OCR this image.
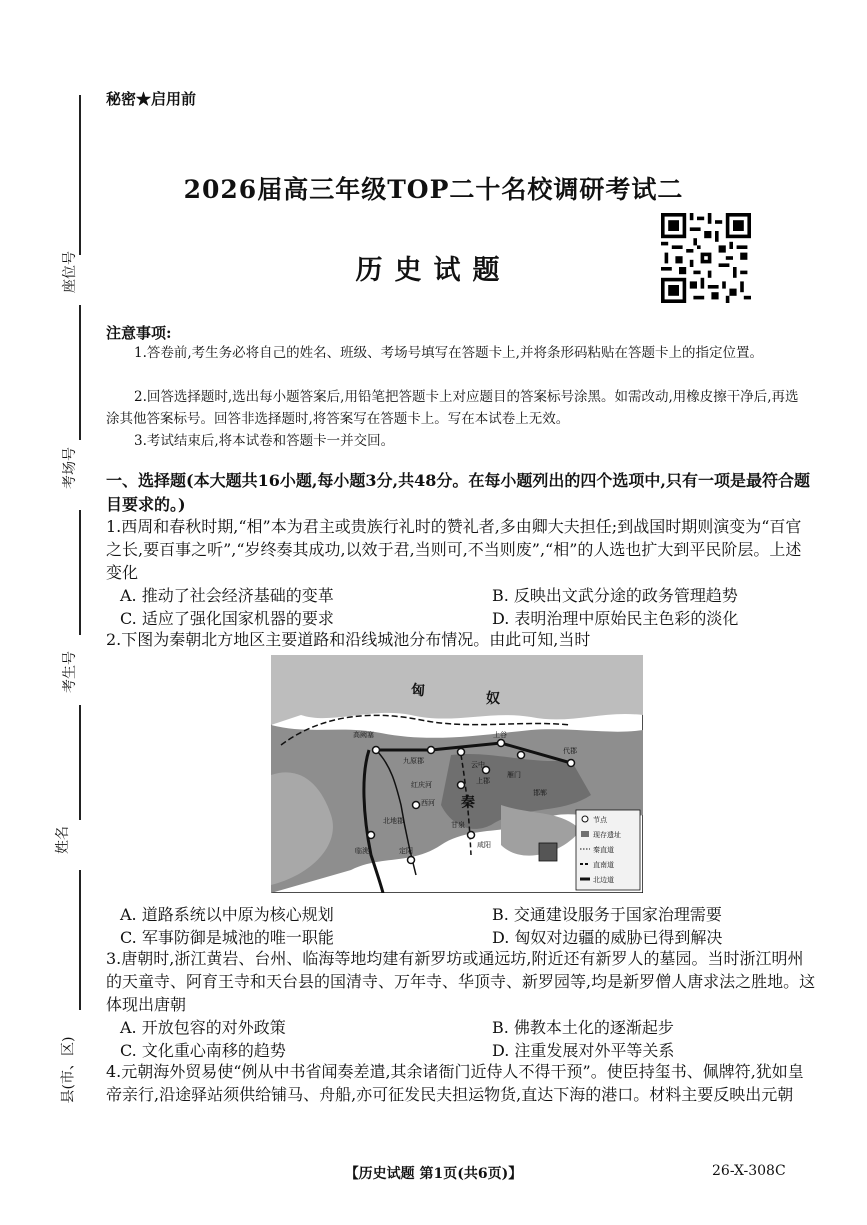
座位号
考场号
考生号
姓名
县(市、区)
秘密★启用前
2026届高三年级TOP二十名校调研考试二
历史试题
注意事项:
1.答卷前,考生务必将自己的姓名、班级、考场号填写在答题卡上,并将条形码粘贴在答题卡上的指定位置。
2.回答选择题时,选出每小题答案后,用铅笔把答题卡上对应题目的答案标号涂黑。如需改动,用橡皮擦干净后,再选涂其他答案标号。回答非选择题时,将答案写在答题卡上。写在本试卷上无效。
3.考试结束后,将本试卷和答题卡一并交回。
一、选择题(本大题共16小题,每小题3分,共48分。在每小题列出的四个选项中,只有一项是最符合题目要求的。)
1.西周和春秋时期,“相”本为君主或贵族行礼时的赞礼者,多由卿大夫担任;到战国时期则演变为“百官之长,要百事之听”,“岁终奏其成功,以效于君,当则可,不当则废”,“相”的人选也扩大到平民阶层。上述变化
A. 推动了社会经济基础的变革	B. 反映出文武分途的政务管理趋势
C. 适应了强化国家机器的要求	D. 表明治理中原始民主色彩的淡化
2.下图为秦朝北方地区主要道路和沿线城池分布情况。由此可知,当时
匈	奴
秦
高阙塞
九原郡	云中
雁门
代郡
上谷
北地郡
上郡
红庆河
咸阳
甘泉
邯郸
定阳
临洮
西河
节点
现存遗址
秦直道
直南道
北边道
A. 道路系统以中原为核心规划	B. 交通建设服务于国家治理需要
C. 军事防御是城池的唯一职能	D. 匈奴对边疆的威胁已得到解决
3.唐朝时,浙江黄岩、台州、临海等地均建有新罗坊或通远坊,附近还有新罗人的墓园。当时浙江明州的天童寺、阿育王寺和天台县的国清寺、万年寺、华顶寺、新罗园等,均是新罗僧人唐求法之胜地。这体现出唐朝
A. 开放包容的对外政策	B. 佛教本土化的逐渐起步
C. 文化重心南移的趋势	D. 注重发展对外平等关系
4.元朝海外贸易使“例从中书省闻奏差遣,其余诸衙门近侍人不得干预”。使臣持玺书、佩牌符,犹如皇帝亲行,沿途驿站须供给铺马、舟船,亦可征发民夫担运物货,直达下海的港口。材料主要反映出元朝
【历史试题 第1页(共6页)】	26-X-308C
